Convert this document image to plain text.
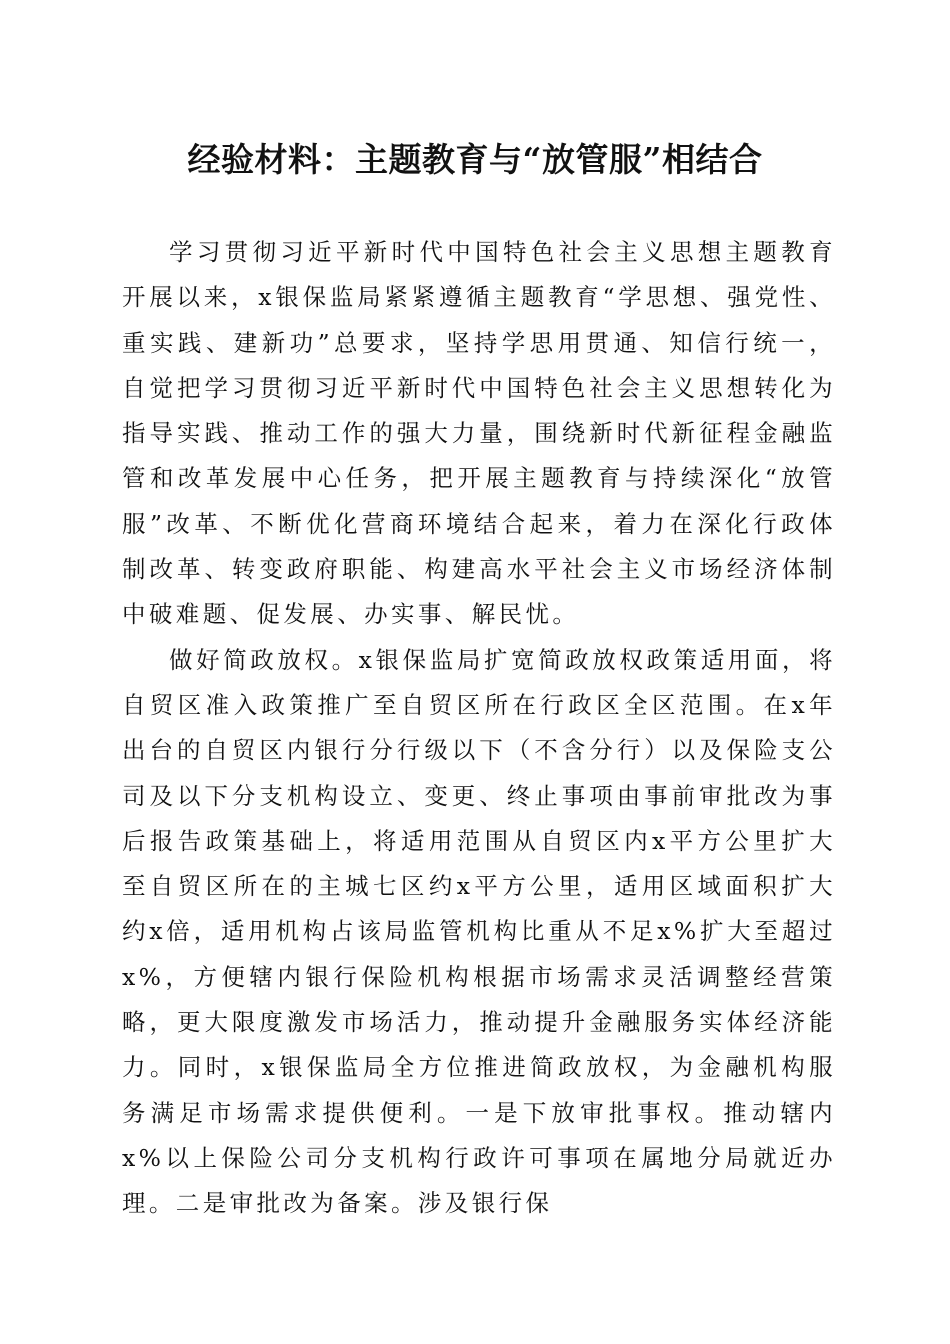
经验材料：主题教育与“放管服”相结合

学习贯彻习近平新时代中国特色社会主义思想主题教育开展以来，x银保监局紧紧遵循主题教育“学思想、强党性、重实践、建新功”总要求，坚持学思用贯通、知信行统一，自觉把学习贯彻习近平新时代中国特色社会主义思想转化为指导实践、推动工作的强大力量，围绕新时代新征程金融监管和改革发展中心任务，把开展主题教育与持续深化“放管服”改革、不断优化营商环境结合起来，着力在深化行政体制改革、转变政府职能、构建高水平社会主义市场经济体制中破难题、促发展、办实事、解民忧。

做好简政放权。x银保监局扩宽简政放权政策适用面，将自贸区准入政策推广至自贸区所在行政区全区范围。在x年出台的自贸区内银行分行级以下（不含分行）以及保险支公司及以下分支机构设立、变更、终止事项由事前审批改为事后报告政策基础上，将适用范围从自贸区内x平方公里扩大至自贸区所在的主城七区约x平方公里，适用区域面积扩大约x倍，适用机构占该局监管机构比重从不足x%扩大至超过x%，方便辖内银行保险机构根据市场需求灵活调整经营策略，更大限度激发市场活力，推动提升金融服务实体经济能力。同时，x银保监局全方位推进简政放权，为金融机构服务满足市场需求提供便利。一是下放审批事权。推动辖内x%以上保险公司分支机构行政许可事项在属地分局就近办理。二是审批改为备案。涉及银行保
